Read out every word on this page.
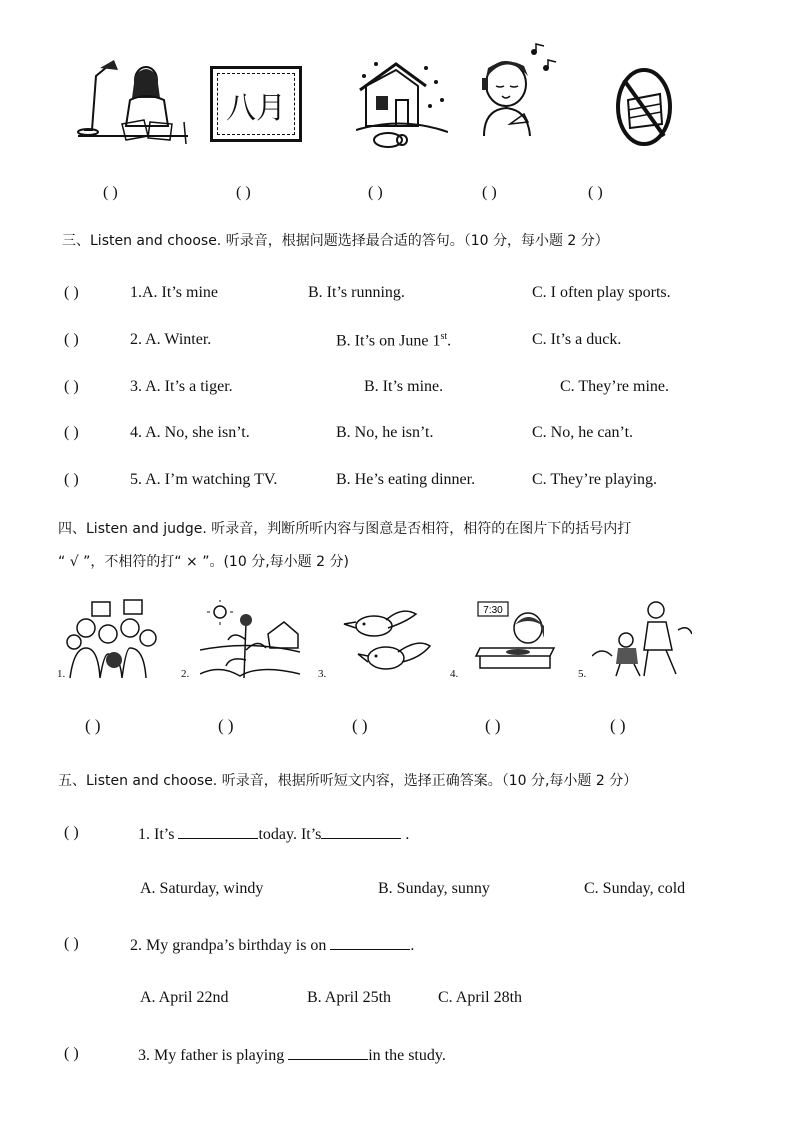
八月
( )	( )	( )	( )	( )
三、Listen and choose. 听录音，根据问题选择最合适的答句。（10 分，每小题 2 分）
( )	1.A. It’s mine	B. It’s running.	C. I often play sports.
( )	2. A. Winter.	B. It’s on June 1st.	C. It’s a duck.
( )	3. A. It’s a tiger.	B. It’s mine.	C. They’re mine.
( )	4. A. No, she isn’t.	B. No, he isn’t.	C. No, he can’t.
( )	5. A. I’m watching TV.	B. He’s eating dinner.	C. They’re playing.
四、Listen and judge. 听录音，判断所听内容与图意是否相符，相符的在图片下的括号内打
“ √ ”，不相符的打“ × ”。(10 分,每小题 2 分)
7:30
1.	2.	3.	4.	5.
( )	( )	( )	( )	( )
五、Listen and choose. 听录音，根据所听短文内容，选择正确答案。（10 分,每小题 2 分）
( )	1. It’s	today. It’s	.
A. Saturday, windy	B. Sunday, sunny	C. Sunday, cold
( )	2. My grandpa’s birthday is on	.
A. April 22nd	B. April 25th	C. April 28th
( )	3. My father is playing	in the study.
